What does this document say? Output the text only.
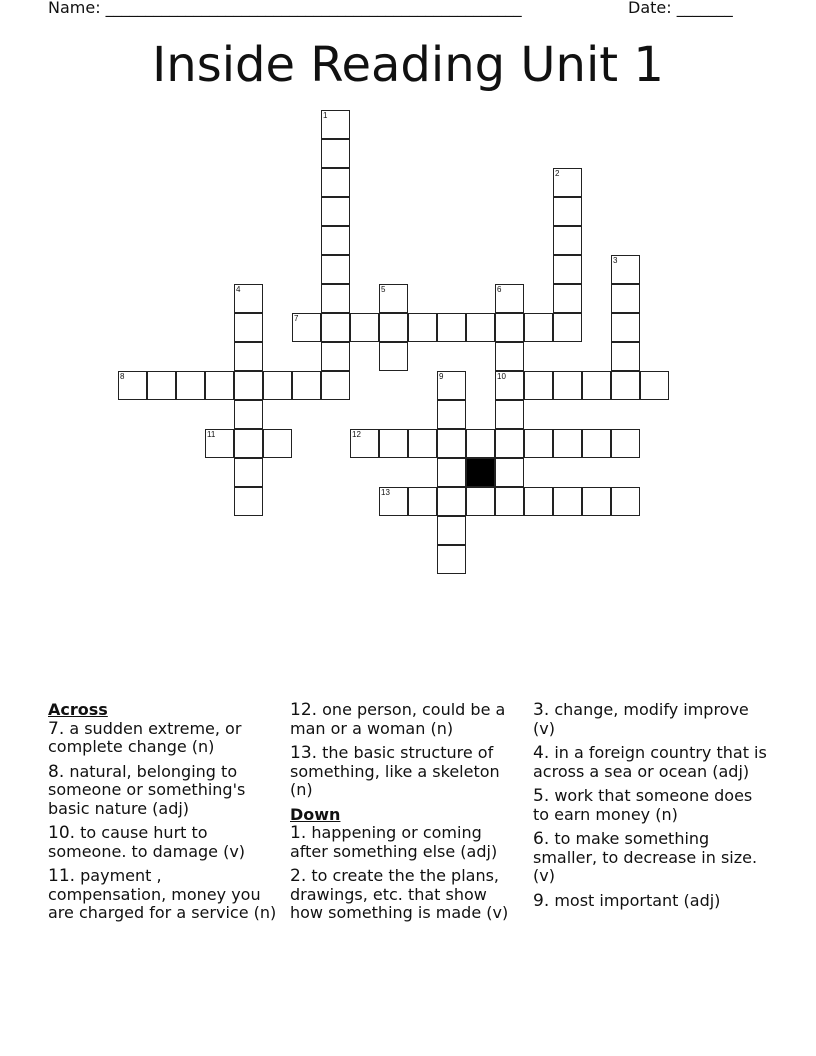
Name: ____________________________________________________	Date: _______
Inside Reading Unit 1
1
2
3
4	5	6
10
7
8	9
11	12
13

Across

7. a sudden extreme, or complete change (n)

8. natural, belonging to someone or something's basic nature (adj)

10. to cause hurt to someone. to damage (v)

11. payment , compensation, money you are charged for a service (n)

12. one person, could be a man or a woman (n)

13. the basic structure of something, like a skeleton (n)

Down

1. happening or coming after something else (adj)

2. to create the the plans, drawings, etc. that show how something is made (v)

3. change, modify improve (v)

4. in a foreign country that is across a sea or ocean (adj)

5. work that someone does to earn money (n)

6. to make something smaller, to decrease in size. (v)

9. most important (adj)
